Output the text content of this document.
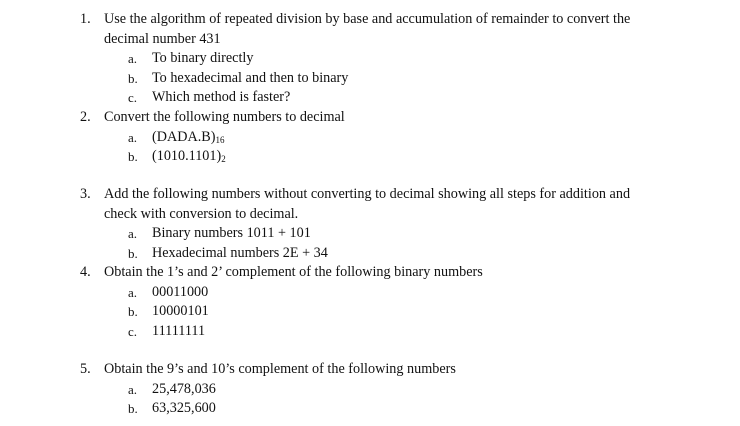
1. Use the algorithm of repeated division by base and accumulation of remainder to convert the
decimal number 431
a. To binary directly
b. To hexadecimal and then to binary
c. Which method is faster?
2. Convert the following numbers to decimal
a. $(DADA.B)_{16}$
b. $(1010.1101)_2$
3. Add the following numbers without converting to decimal showing all steps for addition and
check with conversion to decimal.
a. Binary numbers 1011 + 101
b. Hexadecimal numbers 2E + 34
4. Obtain the 1’s and 2’ complement of the following binary numbers
a. 00011000
b. 10000101
c. 11111111
5. Obtain the 9’s and 10’s complement of the following numbers
a. 25,478,036
b. 63,325,600
